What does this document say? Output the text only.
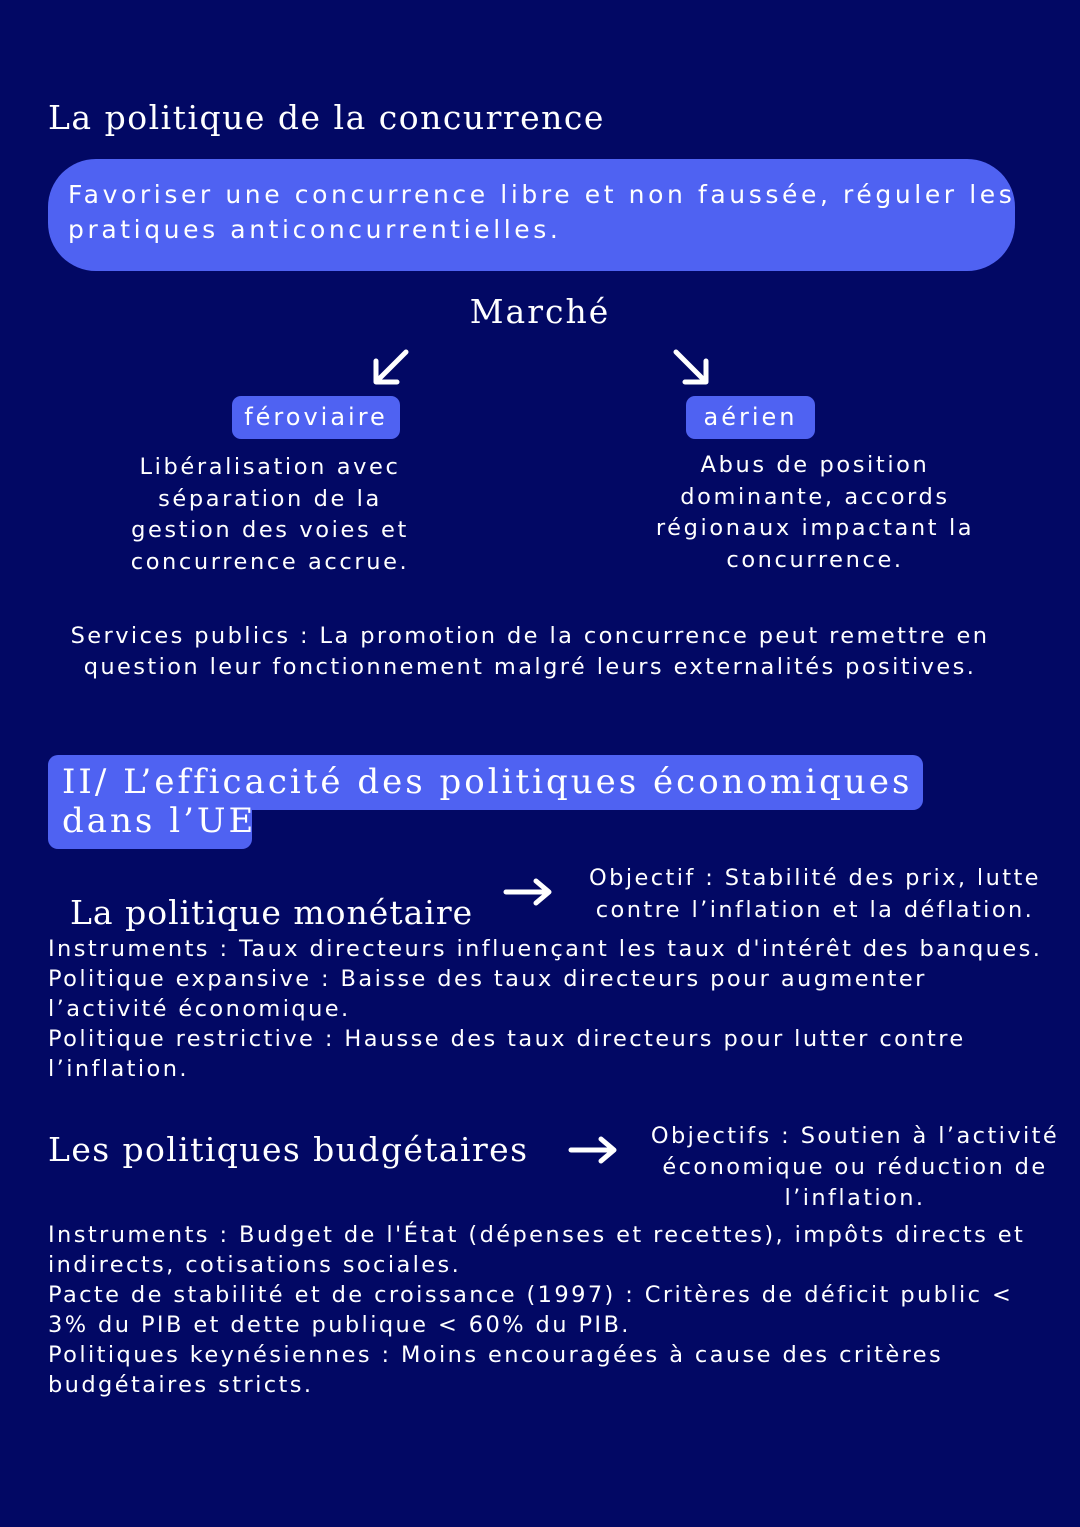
La politique de la concurrence
Favoriser une concurrence libre et non faussée, réguler les
pratiques anticoncurrentielles.
Marché
féroviaire	aérien
Libéralisation avec
séparation de la
gestion des voies et
concurrence accrue.
Abus de position
dominante, accords
régionaux impactant la
concurrence.
Services publics : La promotion de la concurrence peut remettre en
question leur fonctionnement malgré leurs externalités positives.
II/ L’efficacité des politiques économiques
dans l’UE
La politique monétaire
Objectif : Stabilité des prix, lutte
contre l’inflation et la déflation.
Instruments : Taux directeurs influençant les taux d'intérêt des banques.
Politique expansive : Baisse des taux directeurs pour augmenter
l’activité économique.
Politique restrictive : Hausse des taux directeurs pour lutter contre
l’inflation.
Les politiques budgétaires	Objectifs : Soutien à l’activité
économique ou réduction de
l’inflation.
Instruments : Budget de l'État (dépenses et recettes), impôts directs et
indirects, cotisations sociales.
Pacte de stabilité et de croissance (1997) : Critères de déficit public <
3% du PIB et dette publique < 60% du PIB.
Politiques keynésiennes : Moins encouragées à cause des critères
budgétaires stricts.
